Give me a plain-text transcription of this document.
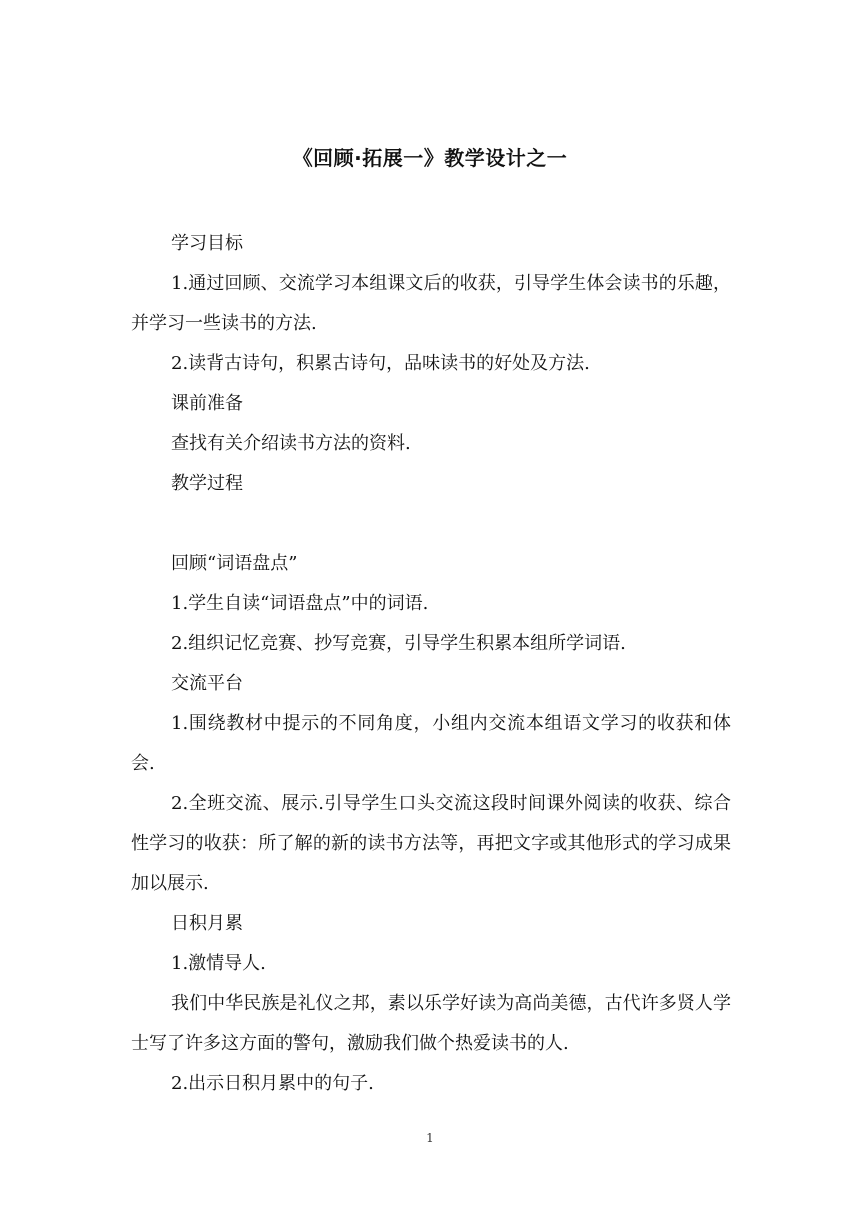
《回顾·拓展一》教学设计之一

学习目标

1.通过回顾、交流学习本组课文后的收获，引导学生体会读书的乐趣，并学习一些读书的方法.

2.读背古诗句，积累古诗句，品味读书的好处及方法.

课前准备

查找有关介绍读书方法的资料.

教学过程

回顾“词语盘点”

1.学生自读“词语盘点”中的词语.

2.组织记忆竞赛、抄写竞赛，引导学生积累本组所学词语.

交流平台

1.围绕教材中提示的不同角度，小组内交流本组语文学习的收获和体会.

2.全班交流、展示.引导学生口头交流这段时间课外阅读的收获、综合性学习的收获：所了解的新的读书方法等，再把文字或其他形式的学习成果加以展示.

日积月累

1.激情导人.

我们中华民族是礼仪之邦，素以乐学好读为高尚美德，古代许多贤人学士写了许多这方面的警句，激励我们做个热爱读书的人.

2.出示日积月累中的句子.

1
